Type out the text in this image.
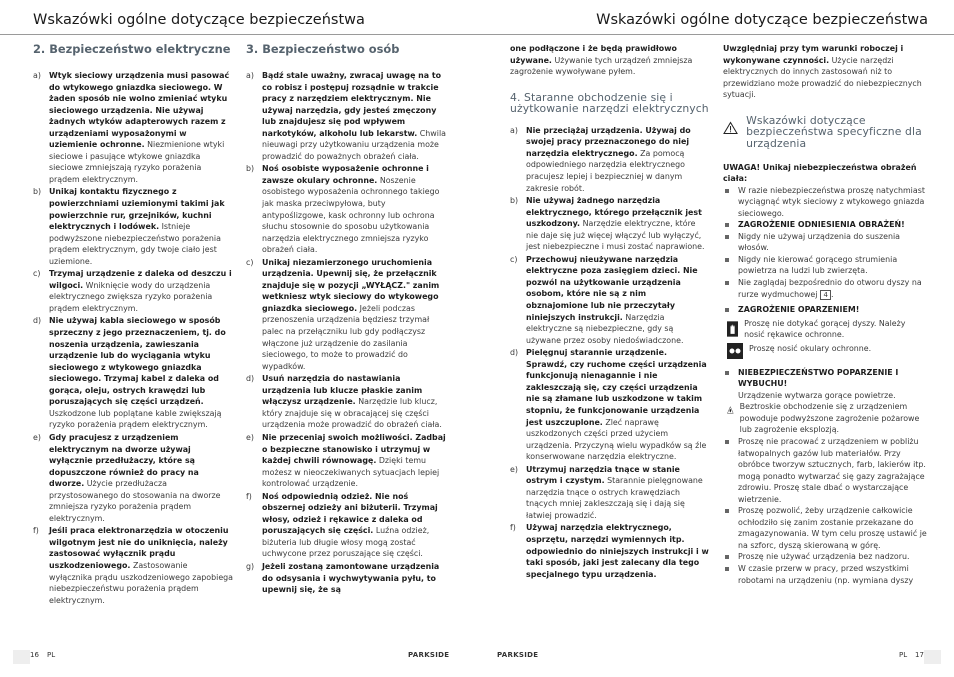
Wskazówki ogólne dotyczące bezpieczeństwa	Wskazówki ogólne dotyczące bezpieczeństwa
2. Bezpieczeństwo elektryczne
a) Wtyk sieciowy urządzenia musi pasować do wtykowego gniazdka sieciowego. W żaden sposób nie wolno zmieniać wtyku sieciowego urządzenia. Nie używaj żadnych wtyków adapterowych razem z urządzeniami wyposażonymi w uziemienie ochronne. Niezmienione wtyki sieciowe i pasujące wtykowe gniazdka sieciowe zmniejszają ryzyko porażenia prądem elektrycznym.
b) Unikaj kontaktu fizycznego z powierzchniami uziemionymi takimi jak powierzchnie rur, grzejników, kuchni elektrycznych i lodówek. Istnieje podwyższone niebezpieczeństwo porażenia prądem elektrycznym, gdy twoje ciało jest uziemione.
c) Trzymaj urządzenie z daleka od deszczu i wilgoci. Wniknięcie wody do urządzenia elektrycznego zwiększa ryzyko porażenia prądem elektrycznym.
d) Nie używaj kabla sieciowego w sposób sprzeczny z jego przeznaczeniem, tj. do noszenia urządzenia, zawieszania urządzenie lub do wyciągania wtyku sieciowego z wtykowego gniazdka sieciowego. Trzymaj kabel z daleka od gorąca, oleju, ostrych krawędzi lub poruszających się części urządzeń. Uszkodzone lub poplątane kable zwiększają ryzyko porażenia prądem elektrycznym.
e) Gdy pracujesz z urządzeniem elektrycznym na dworze używaj wyłącznie przedłużaczy, które są dopuszczone również do pracy na dworze. Użycie przedłużacza przystosowanego do stosowania na dworze zmniejsza ryzyko porażenia prądem elektrycznym.
f) Jeśli praca elektronarzędzia w otoczeniu wilgotnym jest nie do uniknięcia, należy zastosować wyłącznik prądu uszkodzeniowego. Zastosowanie wyłącznika prądu uszkodzeniowego zapobiega niebezpieczeństwu porażenia prądem elektrycznym.
3. Bezpieczeństwo osób
a) Bądź stale uważny, zwracaj uwagę na to co robisz i postępuj rozsądnie w trakcie pracy z narzędziem elektrycznym. Nie używaj narzędzia, gdy jesteś zmęczony lub znajdujesz się pod wpływem narkotyków, alkoholu lub lekarstw. Chwila nieuwagi przy użytkowaniu urządzenia może prowadzić do poważnych obrażeń ciała.
b) Noś osobiste wyposażenie ochronne i zawsze okulary ochronne. Noszenie osobistego wyposażenia ochronnego takiego jak maska przeciwpyłowa, buty antypoślizgowe, kask ochronny lub ochrona słuchu stosownie do sposobu użytkowania narzędzia elektrycznego zmniejsza ryzyko obrażeń ciała.
c) Unikaj niezamierzonego uruchomienia urządzenia. Upewnij się, że przełącznik znajduje się w pozycji „WYŁĄCZ." zanim wetkniesz wtyk sieciowy do wtykowego gniazdka sieciowego. Jeżeli podczas przenoszenia urządzenia będziesz trzymał palec na przełączniku lub gdy podłączysz włączone już urządzenie do zasilania sieciowego, to może to prowadzić do wypadków.
d) Usuń narzędzia do nastawiania urządzenia lub klucze płaskie zanim włączysz urządzenie. Narzędzie lub klucz, który znajduje się w obracającej się części urządzenia może prowadzić do obrażeń ciała.
e) Nie przeceniaj swoich możliwości. Zadbaj o bezpieczne stanowisko i utrzymuj w każdej chwili równowagę. Dzięki temu możesz w nieoczekiwanych sytuacjach lepiej kontrolować urządzenie.
f) Noś odpowiednią odzież. Nie noś obszernej odzieży ani biżuterii. Trzymaj włosy, odzież i rękawice z daleka od poruszających się części. Luźna odzież, biżuteria lub długie włosy mogą zostać uchwycone przez poruszające się części.
g) Jeżeli zostaną zamontowane urządzenia do odsysania i wychwytywania pyłu, to upewnij się, że są
one podłączone i że będą prawidłowo używane. Używanie tych urządzeń zmniejsza zagrożenie wywoływane pyłem.
4. Staranne obchodzenie się i użytkowanie narzędzi elektrycznych
a) Nie przeciążaj urządzenia. Używaj do swojej pracy przeznaczonego do niej narzędzia elektrycznego. Za pomocą odpowiedniego narzędzia elektrycznego pracujesz lepiej i bezpieczniej w danym zakresie robót.
b) Nie używaj żadnego narzędzia elektrycznego, którego przełącznik jest uszkodzony. Narzędzie elektryczne, które nie daje się już więcej włączyć lub wyłączyć, jest niebezpieczne i musi zostać naprawione.
c) Przechowuj nieużywane narzędzia elektryczne poza zasięgiem dzieci. Nie pozwól na użytkowanie urządzenia osobom, które nie są z nim obznajomione lub nie przeczytały niniejszych instrukcji. Narzędzia elektryczne są niebezpieczne, gdy są używane przez osoby niedoświadczone.
d) Pielęgnuj starannie urządzenie. Sprawdź, czy ruchome części urządzenia funkcjonują nienagannie i nie zakleszczają się, czy części urządzenia nie są złamane lub uszkodzone w takim stopniu, że funkcjonowanie urządzenia jest uszczuplone. Zleć naprawę uszkodzonych części przed użyciem urządzenia. Przyczyną wielu wypadków są źle konserwowane narzędzia elektryczne.
e) Utrzymuj narzędzia tnące w stanie ostrym i czystym. Starannie pielęgnowane narzędzia tnące o ostrych krawędziach tnących mniej zakleszczają się i dają się łatwiej prowadzić.
f) Używaj narzędzia elektrycznego, osprzętu, narzędzi wymiennych itp. odpowiednio do niniejszych instrukcji i w taki sposób, jaki jest zalecany dla tego specjalnego typu urządzenia.
Uwzględniaj przy tym warunki roboczej i wykonywane czynności. Użycie narzędzi elektrycznych do innych zastosowań niż to przewidziano może prowadzić do niebezpiecznych sytuacji.
Wskazówki dotyczące bezpieczeństwa specyficzne dla urządzenia
UWAGA! Unikaj niebezpieczeństwa obrażeń ciała:
W razie niebezpieczeństwa proszę natychmiast wyciągnąć wtyk sieciowy z wtykowego gniazda sieciowego.
ZAGROŻENIE ODNIESIENIA OBRAŻEŃ!
Nigdy nie używaj urządzenia do suszenia włosów.
Nigdy nie kierować gorącego strumienia powietrza na ludzi lub zwierzęta.
Nie zaglądaj bezpośrednio do otworu dyszy na rurze wydmuchowej 4 .
ZAGROŻENIE OPARZENIEM!
Proszę nie dotykać gorącej dyszy. Należy nosić rękawice ochronne.
Proszę nosić okulary ochronne.
NIEBEZPIECZEŃSTWO POPARZENIE I WYBUCHU!
Urządzenie wytwarza gorące powietrze.
Beztroskie obchodzenie się z urządzeniem powoduje podwyższone zagrożenie pożarowe lub zagrożenie eksplozją.
Proszę nie pracować z urządzeniem w pobliżu łatwopalnych gazów lub materiałów. Przy obróbce tworzyw sztucznych, farb, lakierów itp. mogą ponadto wytwarzać się gazy zagrażające zdrowiu. Proszę stale dbać o wystarczające wietrzenie.
Proszę pozwolić, żeby urządzenie całkowicie ochłodziło się zanim zostanie przekazane do zmagazynowania. W tym celu proszę ustawić je na szforc, dyszą skierowaną w górę.
Proszę nie używać urządzenia bez nadzoru.
W czasie przerw w pracy, przed wszystkimi robotami na urządzeniu (np. wymiana dyszy
16 PL	PARKSIDE	PARKSIDE	PL 17
